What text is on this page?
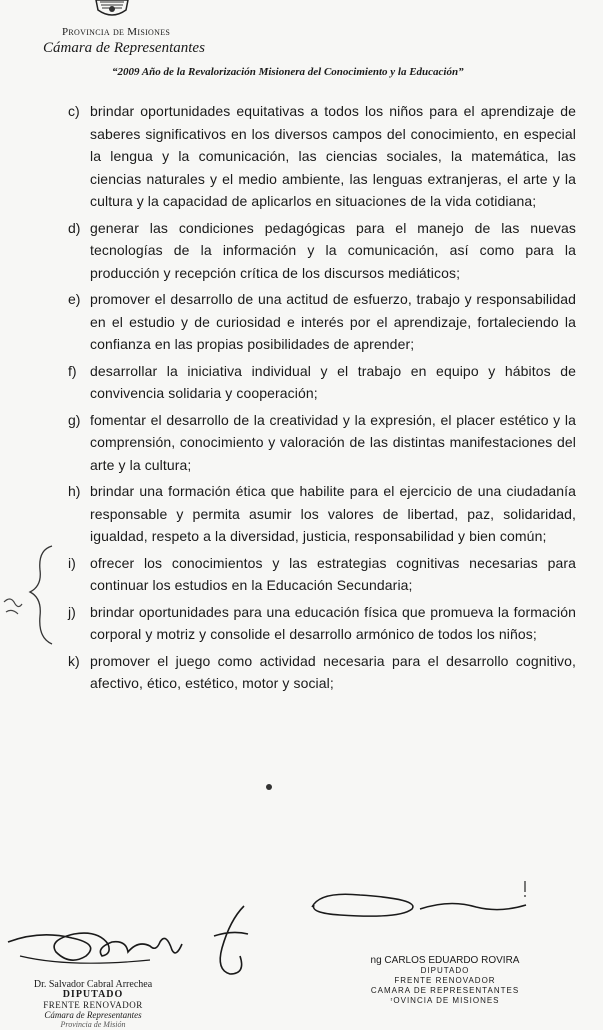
Provincia de Misiones
Cámara de Representantes
“2009 Año de la Revalorización Misionera del Conocimiento y la Educación”
c) brindar oportunidades equitativas a todos los niños para el aprendizaje de saberes significativos en los diversos campos del conocimiento, en especial la lengua y la comunicación, las ciencias sociales, la matemática, las ciencias naturales y el medio ambiente, las lenguas extranjeras, el arte y la cultura y la capacidad de aplicarlos en situaciones de la vida cotidiana;
d) generar las condiciones pedagógicas para el manejo de las nuevas tecnologías de la información y la comunicación, así como para la producción y recepción crítica de los discursos mediáticos;
e) promover el desarrollo de una actitud de esfuerzo, trabajo y responsabilidad en el estudio y de curiosidad e interés por el aprendizaje, fortaleciendo la confianza en las propias posibilidades de aprender;
f) desarrollar la iniciativa individual y el trabajo en equipo y hábitos de convivencia solidaria y cooperación;
g) fomentar el desarrollo de la creatividad y la expresión, el placer estético y la comprensión, conocimiento y valoración de las distintas manifestaciones del arte y la cultura;
h) brindar una formación ética que habilite para el ejercicio de una ciudadanía responsable y permita asumir los valores de libertad, paz, solidaridad, igualdad, respeto a la diversidad, justicia, responsabilidad y bien común;
i) ofrecer los conocimientos y las estrategias cognitivas necesarias para continuar los estudios en la Educación Secundaria;
j) brindar oportunidades para una educación física que promueva la formación corporal y motriz y consolide el desarrollo armónico de todos los niños;
k) promover el juego como actividad necesaria para el desarrollo cognitivo, afectivo, ético, estético, motor y social;
Dr. Salvador Cabral Arrechea
DIPUTADO
FRENTE RENOVADOR
Cámara de Representantes
Provincia de Misión
ng CARLOS EDUARDO ROVIRA
DIPUTADO
FRENTE RENOVADOR
CAMARA DE REPRESENTANTES
ʳOVINCIA DE MISIONES
